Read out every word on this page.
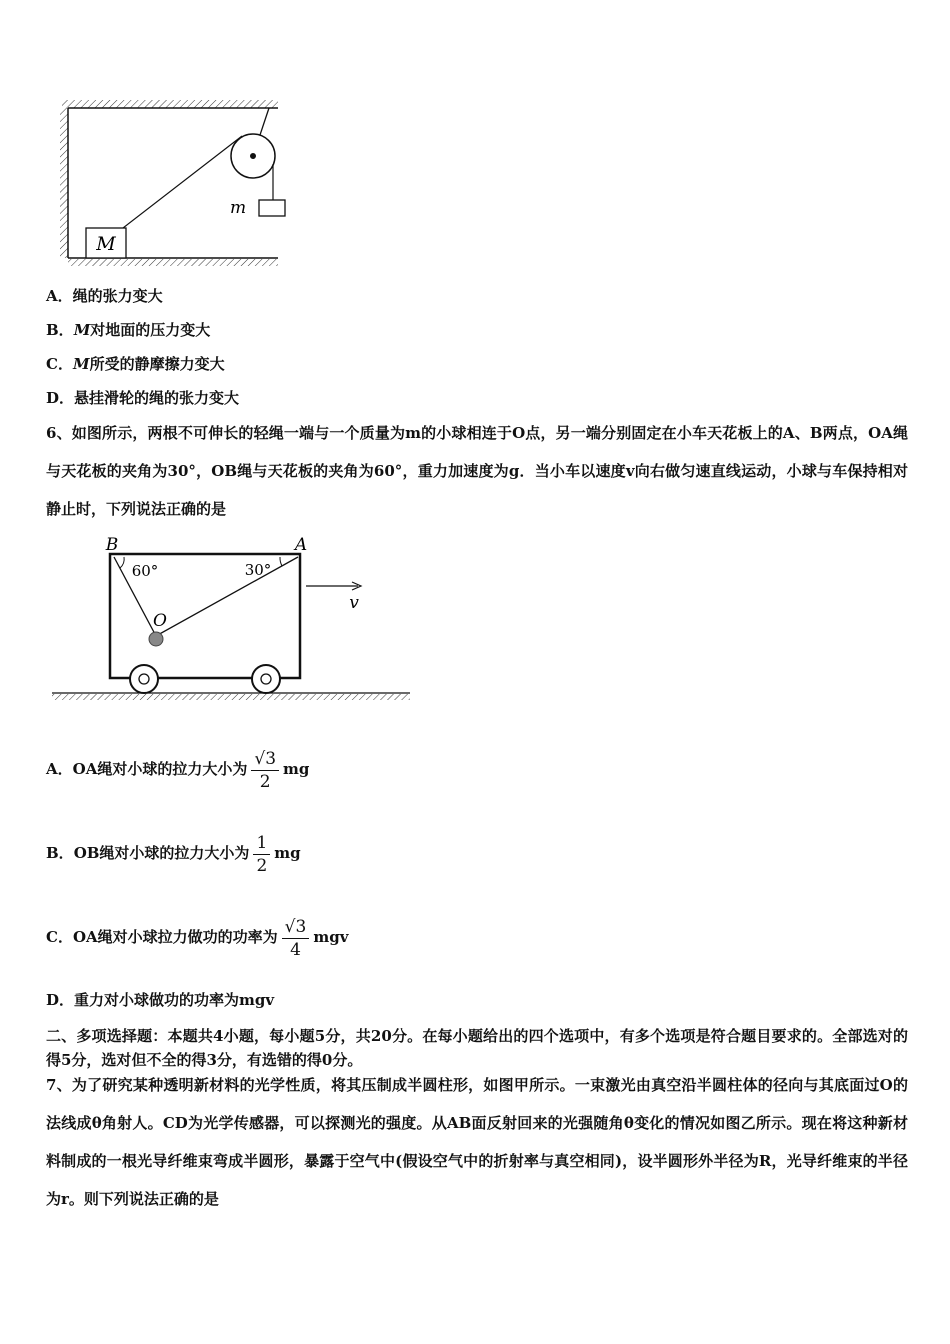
M
m
A．绳的张力变大
B．M对地面的压力变大
C．M所受的静摩擦力变大
D．悬挂滑轮的绳的张力变大
6、如图所示，两根不可伸长的轻绳一端与一个质量为m的小球相连于O点，另一端分别固定在小车天花板上的A、B两点，OA绳与天花板的夹角为30°，OB绳与天花板的夹角为60°，重力加速度为g．当小车以速度v向右做匀速直线运动，小球与车保持相对静止时，下列说法正确的是
B	A
O
60°	30°
v
A．OA绳对小球的拉力大小为 $\frac{√3}{2}$ mg
B．OB绳对小球的拉力大小为 $\frac{1}{2}$ mg
C．OA绳对小球拉力做功的功率为 $\frac{√3}{4}$ mgv
D．重力对小球做功的功率为mgv
二、多项选择题：本题共4小题，每小题5分，共20分。在每小题给出的四个选项中，有多个选项是符合题目要求的。全部选对的得5分，选对但不全的得3分，有选错的得0分。
7、为了研究某种透明新材料的光学性质，将其压制成半圆柱形，如图甲所示。一束激光由真空沿半圆柱体的径向与其底面过O的法线成θ角射人。CD为光学传感器，可以探测光的强度。从AB面反射回来的光强随角θ变化的情况如图乙所示。现在将这种新材料制成的一根光导纤维束弯成半圆形，暴露于空气中(假设空气中的折射率与真空相同)，设半圆形外半径为R，光导纤维束的半径为r。则下列说法正确的是
